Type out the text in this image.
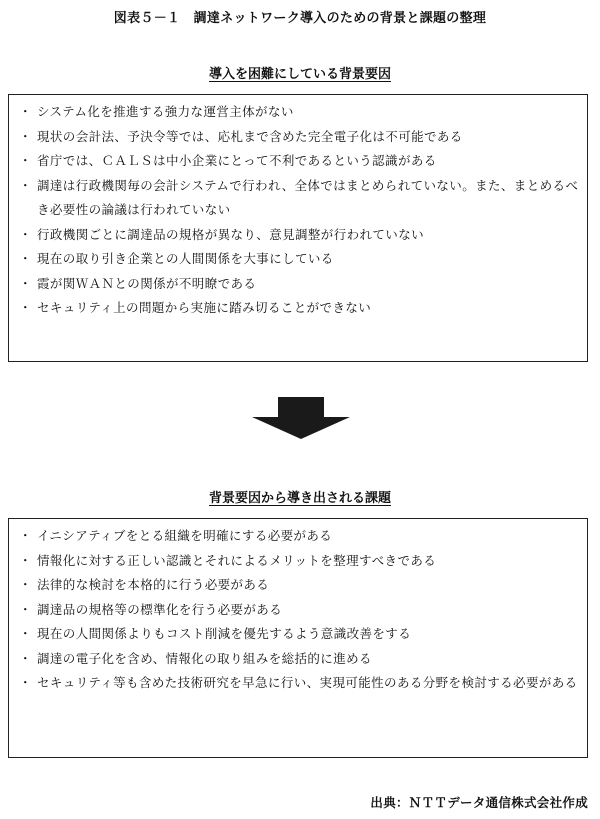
図表５－１　調達ネットワーク導入のための背景と課題の整理
導入を困難にしている背景要因
・ システム化を推進する強力な運営主体がない
・ 現状の会計法、予決令等では、応札まで含めた完全電子化は不可能である
・ 省庁では、ＣＡＬＳは中小企業にとって不利であるという認識がある
・ 調達は行政機関毎の会計システムで行われ、全体ではまとめられていない。また、まとめるべき必要性の論議は行われていない
・ 行政機関ごとに調達品の規格が異なり、意見調整が行われていない
・ 現在の取り引き企業との人間関係を大事にしている
・ 霞が関ＷＡＮとの関係が不明瞭である
・ セキュリティ上の問題から実施に踏み切ることができない
背景要因から導き出される課題
・ イニシアティブをとる組織を明確にする必要がある
・ 情報化に対する正しい認識とそれによるメリットを整理すべきである
・ 法律的な検討を本格的に行う必要がある
・ 調達品の規格等の標準化を行う必要がある
・ 現在の人間関係よりもコスト削減を優先するよう意識改善をする
・ 調達の電子化を含め、情報化の取り組みを総括的に進める
・ セキュリティ等も含めた技術研究を早急に行い、実現可能性のある分野を検討する必要がある
出典：ＮＴＴデータ通信株式会社作成
